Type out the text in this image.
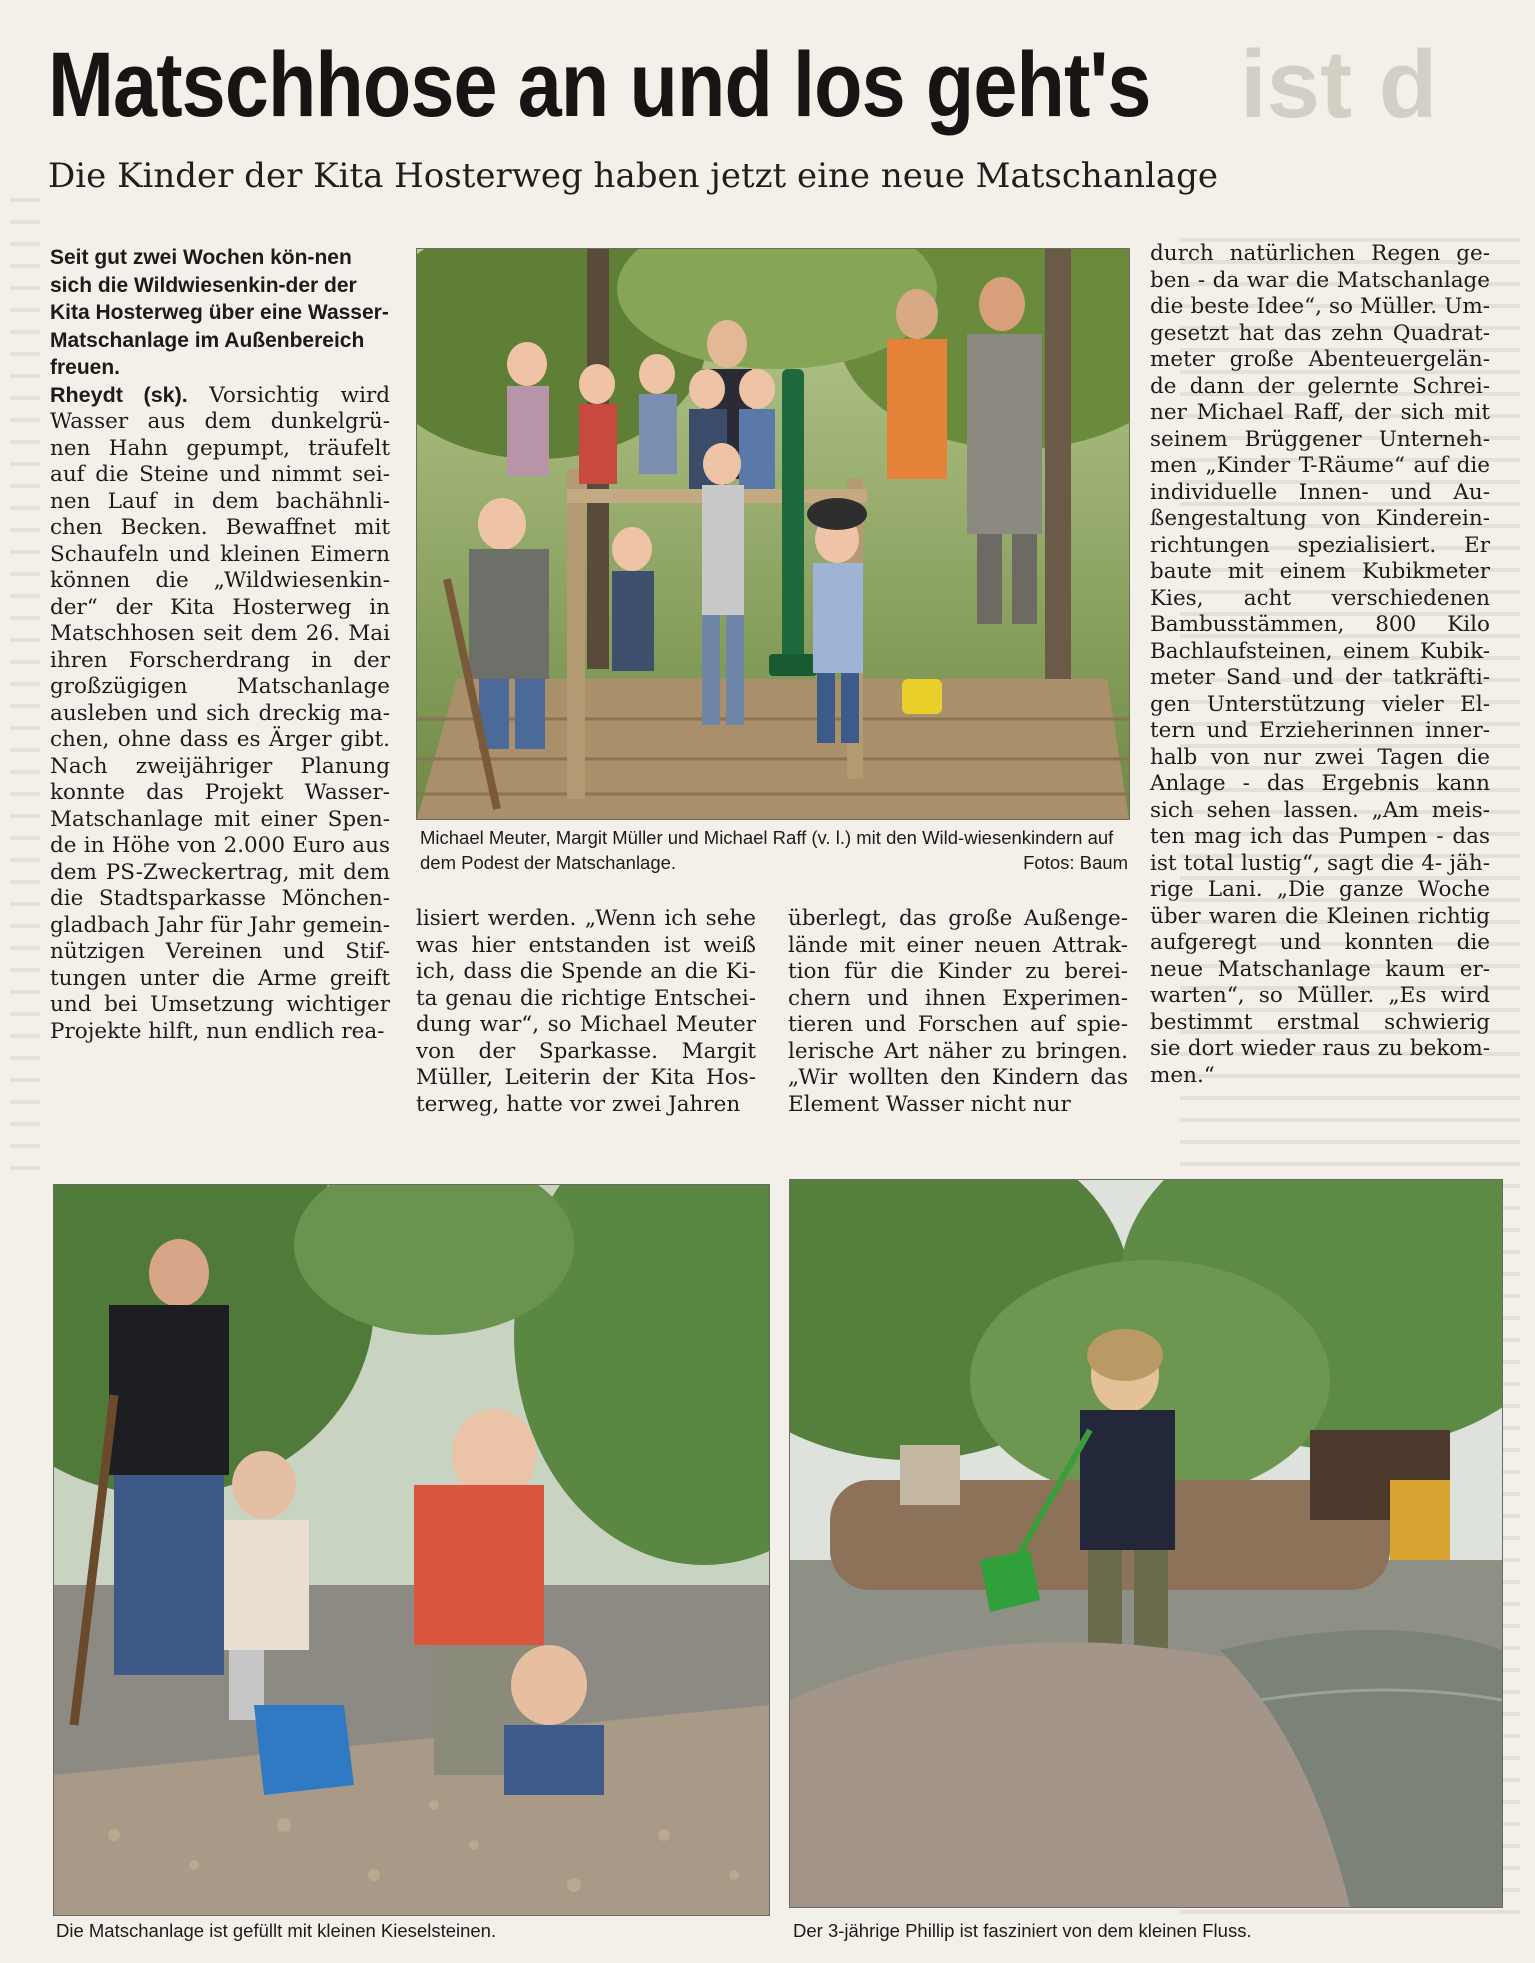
ist d
Matschhose an und los geht's
Die Kinder der Kita Hosterweg haben jetzt eine neue Matschanlage

Seit gut zwei Wochen kön-nen sich die Wildwiesenkin-der der Kita Hosterweg über eine Wasser-Matschanlage im Außenbereich freuen.

Rheydt (sk). Vorsichtig wird Wasser aus dem dunkelgrü-nen Hahn gepumpt, träufelt auf die Steine und nimmt sei-nen Lauf in dem bachähnli-chen Becken. Bewaffnet mit Schaufeln und kleinen Eimern können die „Wildwiesenkin-der“ der Kita Hosterweg in Matschhosen seit dem 26. Mai ihren Forscherdrang in der großzügigen Matschanlage ausleben und sich dreckig ma-chen, ohne dass es Ärger gibt. Nach zweijähriger Planung konnte das Projekt Wasser-Matschanlage mit einer Spen-de in Höhe von 2.000 Euro aus dem PS-Zweckertrag, mit dem die Stadtsparkasse Mönchen-gladbach Jahr für Jahr gemein-nützigen Vereinen und Stif-tungen unter die Arme greift und bei Umsetzung wichtiger Projekte hilft, nun endlich rea-

Michael Meuter, Margit Müller und Michael Raff (v. l.) mit den Wild-wiesenkindern auf dem Podest der Matschanlage.	Fotos: Baum

lisiert werden. „Wenn ich sehe was hier entstanden ist weiß ich, dass die Spende an die Ki-ta genau die richtige Entschei-dung war“, so Michael Meuter von der Sparkasse. Margit Müller, Leiterin der Kita Hos-terweg, hatte vor zwei Jahren

überlegt, das große Außenge-lände mit einer neuen Attrak-tion für die Kinder zu berei-chern und ihnen Experimen-tieren und Forschen auf spie-lerische Art näher zu bringen. „Wir wollten den Kindern das Element Wasser nicht nur

durch natürlichen Regen ge-ben - da war die Matschanlage die beste Idee“, so Müller. Um-gesetzt hat das zehn Quadrat-meter große Abenteuergelän-de dann der gelernte Schrei-ner Michael Raff, der sich mit seinem Brüggener Unterneh-men „Kinder T-Räume“ auf die individuelle Innen- und Au-ßengestaltung von Kinderein-richtungen spezialisiert. Er baute mit einem Kubikmeter Kies, acht verschiedenen Bambusstämmen, 800 Kilo Bachlaufsteinen, einem Kubik-meter Sand und der tatkräfti-gen Unterstützung vieler El-tern und Erzieherinnen inner-halb von nur zwei Tagen die Anlage - das Ergebnis kann sich sehen lassen. „Am meis-ten mag ich das Pumpen - das ist total lustig“, sagt die 4- jäh-rige Lani. „Die ganze Woche über waren die Kleinen richtig aufgeregt und konnten die neue Matschanlage kaum er-warten“, so Müller. „Es wird bestimmt erstmal schwierig sie dort wieder raus zu bekom-men.“

Die Matschanlage ist gefüllt mit kleinen Kieselsteinen.	Der 3-jährige Phillip ist fasziniert von dem kleinen Fluss.
